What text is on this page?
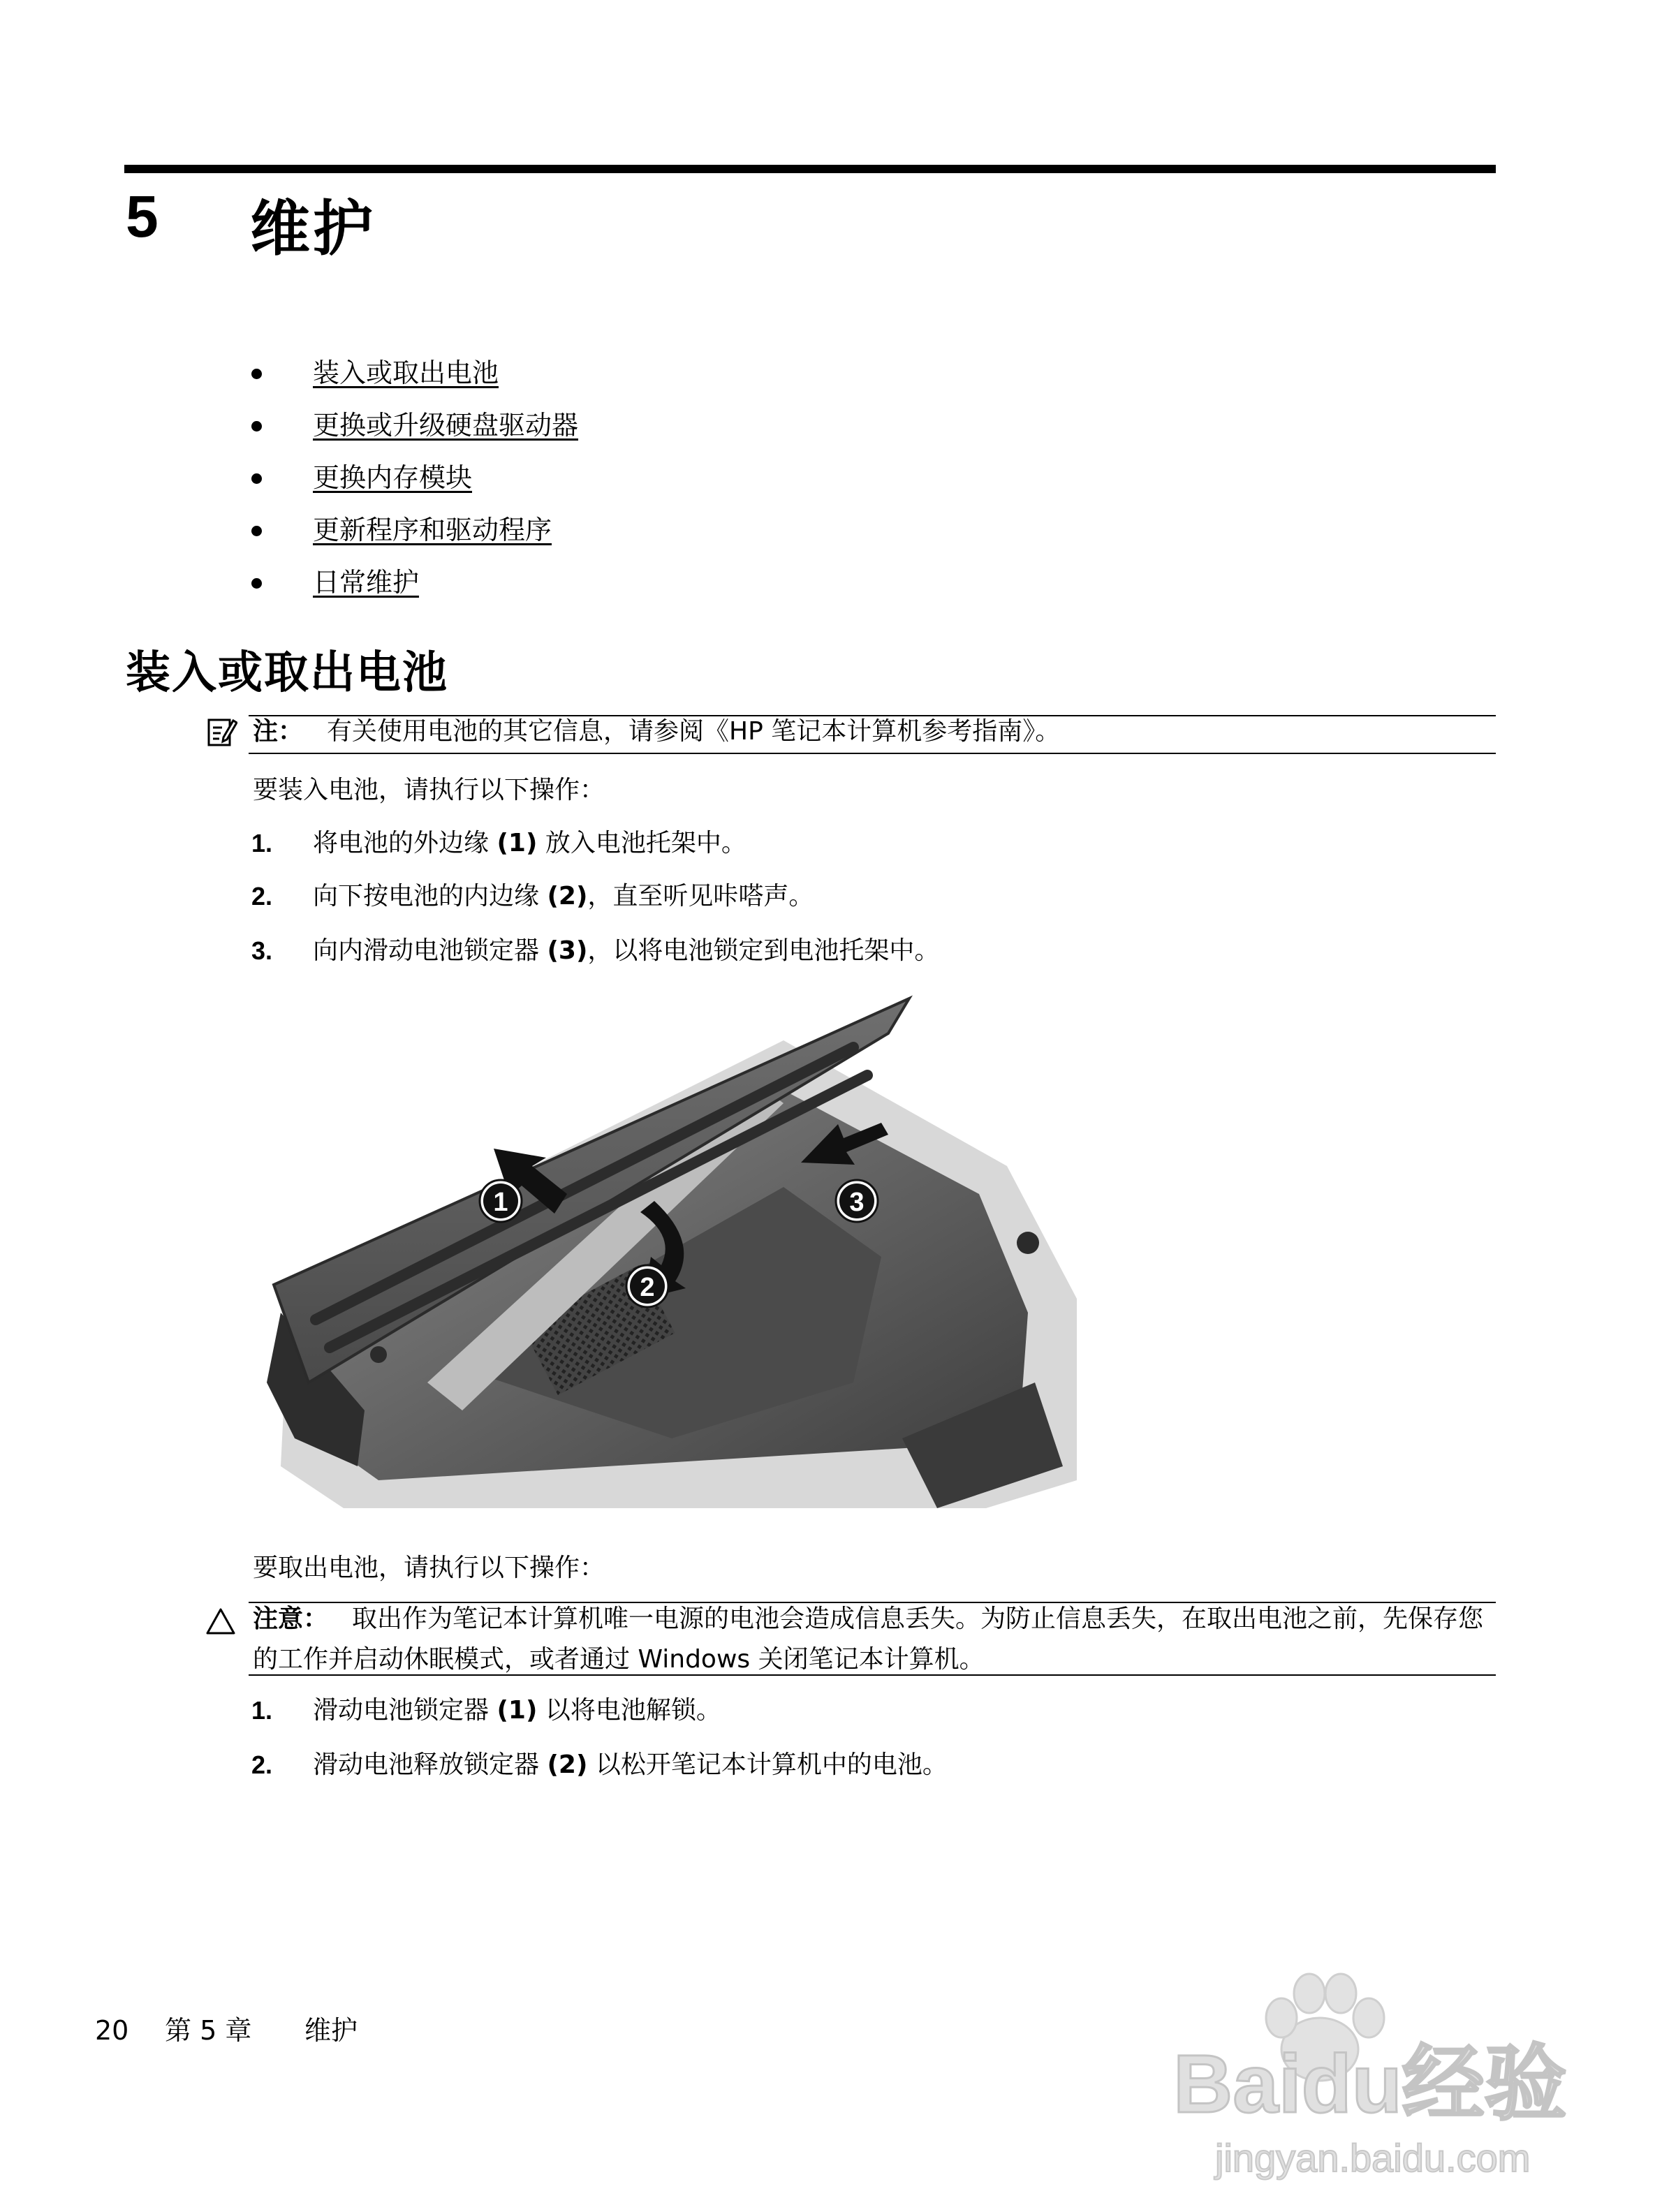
5 维护
装入或取出电池
更换或升级硬盘驱动器
更换内存模块
更新程序和驱动程序
日常维护
装入或取出电池
注： 有关使用电池的其它信息，请参阅《HP 笔记本计算机参考指南》。
要装入电池，请执行以下操作：
1. 将电池的外边缘 (1) 放入电池托架中。
2. 向下按电池的内边缘 (2)，直至听见咔嗒声。
3. 向内滑动电池锁定器 (3)，以将电池锁定到电池托架中。
1
2
3
要取出电池，请执行以下操作：
注意： 取出作为笔记本计算机唯一电源的电池会造成信息丢失。为防止信息丢失，在取出电池之前，先保存您的工作并启动休眠模式，或者通过 Windows 关闭笔记本计算机。
1. 滑动电池锁定器 (1) 以将电池解锁。
2. 滑动电池释放锁定器 (2) 以松开笔记本计算机中的电池。
20 第 5 章 维护
Baidu经验
jingyan.baidu.com
